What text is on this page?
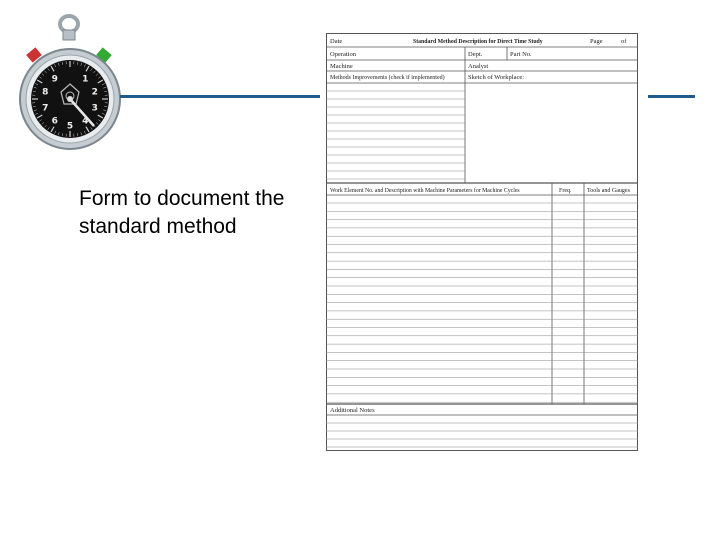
1
2
3
4
5
6
7
8
9
Form to document the standard method
Date	Standard Method Description for Direct Time Study	Page	of
Operation	Dept.	Part No.
Machine	Analyst
Methods Improvements (check if implemented)	Sketch of Workplace:
Work Element No. and Description with Machine Parameters for Machine Cycles	Freq.	Tools and Gauges
Additional Notes
